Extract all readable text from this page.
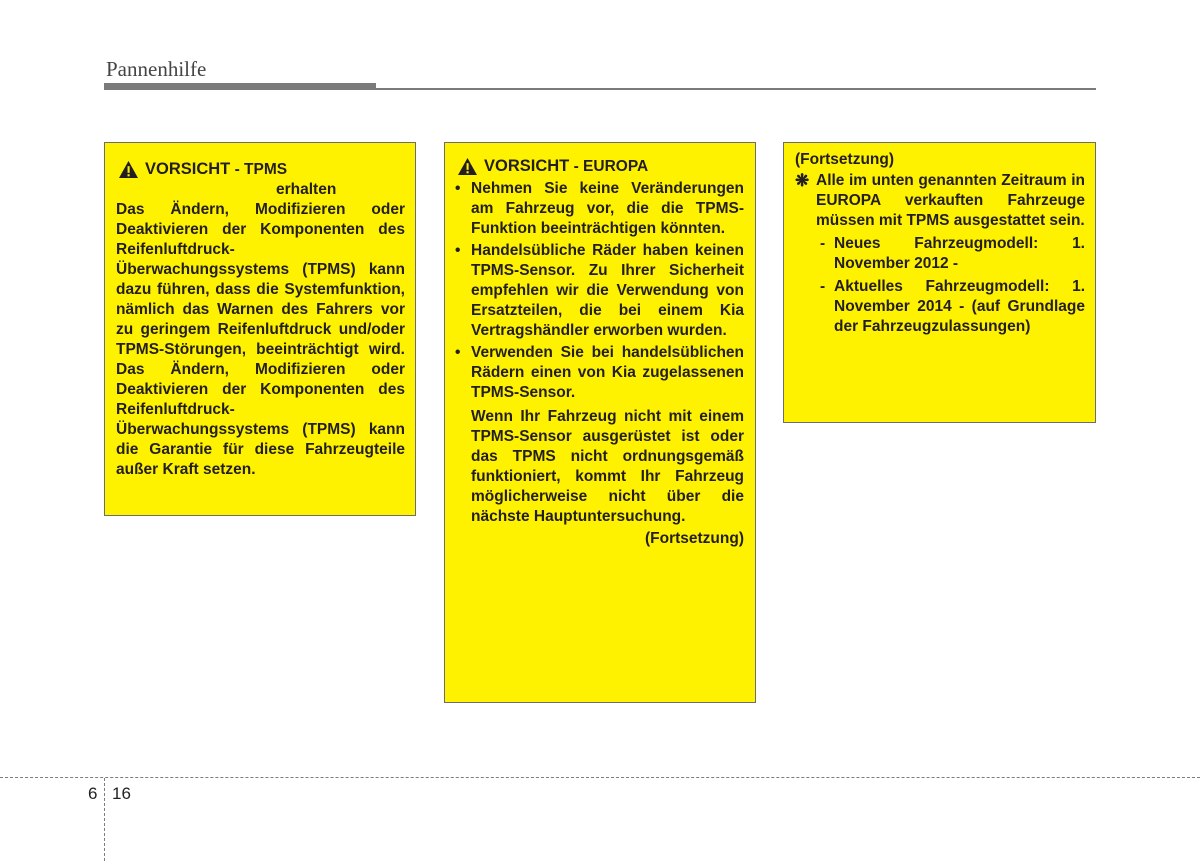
Pannenhilfe
VORSICHT - TPMS
erhalten
Das Ändern, Modifizieren oder Deaktivieren der Komponenten des Reifenluftdruck-Überwachungssystems (TPMS) kann dazu führen, dass die Systemfunktion, nämlich das Warnen des Fahrers vor zu geringem Reifenluftdruck und/oder TPMS-Störungen, beeinträchtigt wird. Das Ändern, Modifizieren oder Deaktivieren der Komponenten des Reifenluftdruck-Überwachungssystems (TPMS) kann die Garantie für diese Fahrzeugteile außer Kraft setzen.
VORSICHT - EUROPA
• Nehmen Sie keine Veränderungen am Fahrzeug vor, die die TPMS-Funktion beeinträchtigen könnten.
• Handelsübliche Räder haben keinen TPMS-Sensor. Zu Ihrer Sicherheit empfehlen wir die Verwendung von Ersatzteilen, die bei einem Kia Vertragshändler erworben wurden.
• Verwenden Sie bei handelsüblichen Rädern einen von Kia zugelassenen TPMS-Sensor.
Wenn Ihr Fahrzeug nicht mit einem TPMS-Sensor ausgerüstet ist oder das TPMS nicht ordnungsgemäß funktioniert, kommt Ihr Fahrzeug möglicherweise nicht über die nächste Hauptuntersuchung.
(Fortsetzung)
(Fortsetzung)
❋ Alle im unten genannten Zeitraum in EUROPA verkauften Fahrzeuge müssen mit TPMS ausgestattet sein.
- Neues Fahrzeugmodell: 1. November 2012 -
- Aktuelles Fahrzeugmodell: 1. November 2014 - (auf Grundlage der Fahrzeugzulassungen)
6 16
